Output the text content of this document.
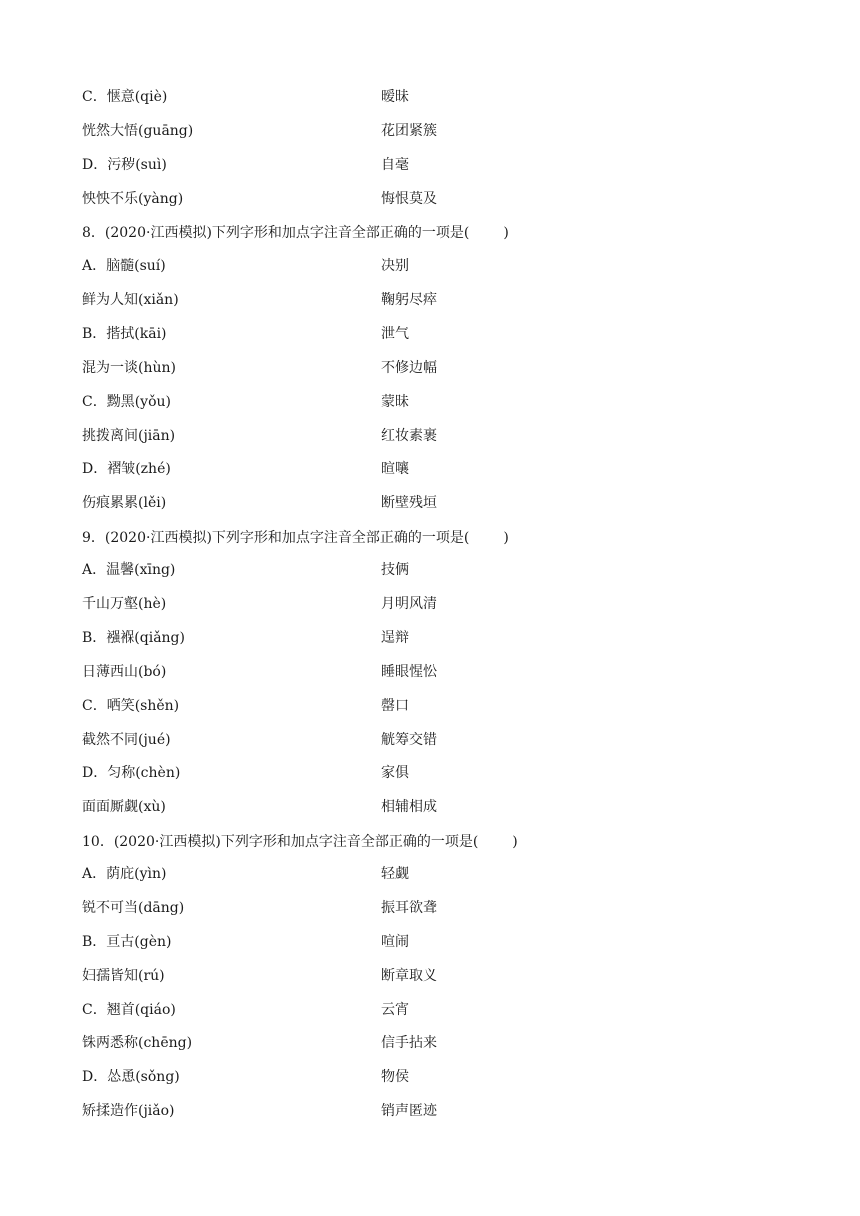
C．惬意(qiè)	暧昧
恍然大悟(guāng)	花团紧簇
D．污秽(suì)	自毫
怏怏不乐(yàng)	悔恨莫及
8．(2020·江西模拟)下列字形和加点字注音全部正确的一项是( )
A．脑髓(suí)	决别
鲜为人知(xiǎn)	鞠躬尽瘁
B．揩拭(kāi)	泄气
混为一谈(hùn)	不修边幅
C．黝黑(yǒu)	蒙昧
挑拨离间(jiān)	红妆素裹
D．褶皱(zhé)	暄嚷
伤痕累累(lěi)	断壁残垣
9．(2020·江西模拟)下列字形和加点字注音全部正确的一项是( )
A．温馨(xīng)	技俩
千山万壑(hè)	月明风清
B．襁褓(qiǎng)	逞辩
日薄西山(bó)	睡眼惺忪
C．哂笑(shěn)	罄口
截然不同(jué)	觥筹交错
D．匀称(chèn)	家俱
面面厮觑(xù)	相辅相成
10．(2020·江西模拟)下列字形和加点字注音全部正确的一项是( )
A．荫庇(yìn)	轻觑
锐不可当(dāng)	振耳欲聋
B．亘古(gèn)	喧闹
妇孺皆知(rú)	断章取义
C．翘首(qiáo)	云宵
铢两悉称(chēng)	信手拈来
D．怂恿(sǒng)	物侯
矫揉造作(jiǎo)	销声匿迹
